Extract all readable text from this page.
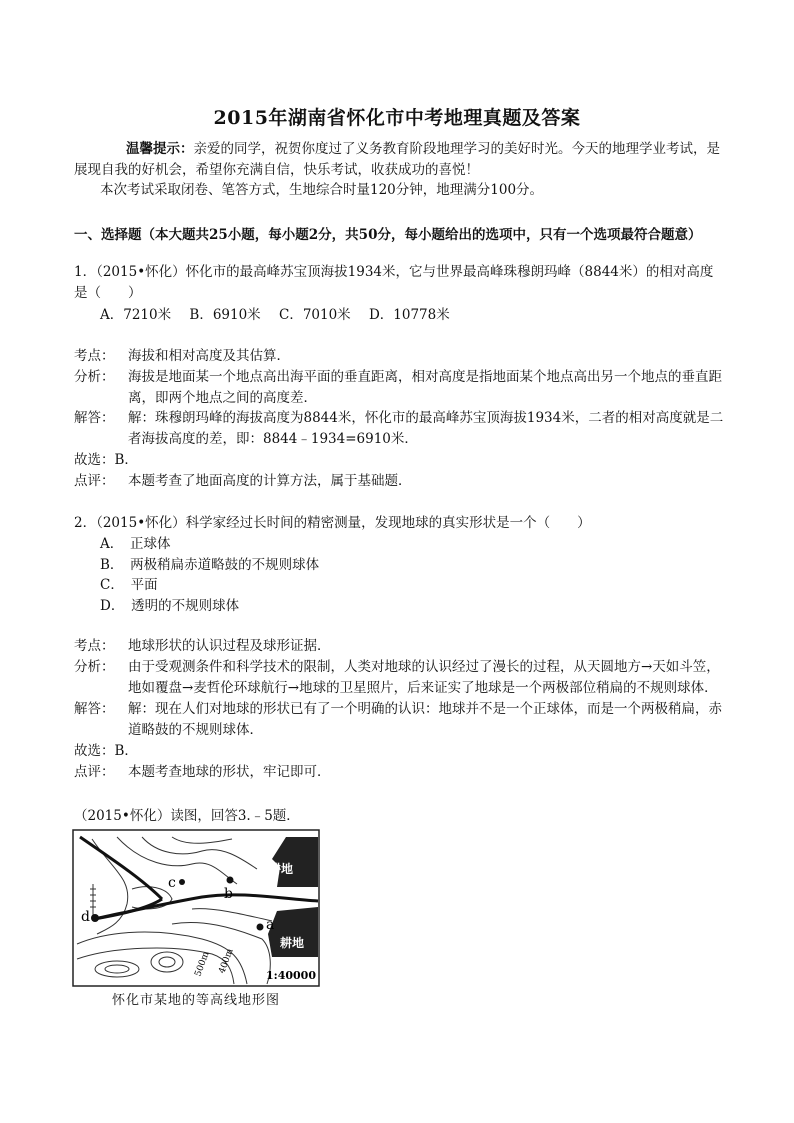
2015年湖南省怀化市中考地理真题及答案
温馨提示：亲爱的同学，祝贺你度过了义务教育阶段地理学习的美好时光。今天的地理学业考试，是展现自我的好机会，希望你充满自信，快乐考试，收获成功的喜悦！
本次考试采取闭卷、笔答方式，生地综合时量120分钟，地理满分100分。
一、选择题（本大题共25小题，每小题2分，共50分，每小题给出的选项中，只有一个选项最符合题意）
1．（2015•怀化）怀化市的最高峰苏宝顶海拔1934米，它与世界最高峰珠穆朗玛峰（8844米）的相对高度是（　　）
A．7210米 B．6910米 C．7010米 D．10778米
考点：	海拔和相对高度及其估算．
分析：	海拔是地面某一个地点高出海平面的垂直距离，相对高度是指地面某个地点高出另一个地点的垂直距离，即两个地点之间的高度差．
解答：	解：珠穆朗玛峰的海拔高度为8844米，怀化市的最高峰苏宝顶海拔1934米，二者的相对高度就是二者海拔高度的差，即：8844﹣1934=6910米．
故选：B．
点评：	本题考查了地面高度的计算方法，属于基础题．
2．（2015•怀化）科学家经过长时间的精密测量，发现地球的真实形状是一个（　　）
A．　正球体
B．　两极稍扁赤道略鼓的不规则球体
C．　平面
D．　透明的不规则球体
考点：	地球形状的认识过程及球形证据．
分析：	由于受观测条件和科学技术的限制，人类对地球的认识经过了漫长的过程，从天圆地方→天如斗笠，地如覆盘→麦哲伦环球航行→地球的卫星照片，后来证实了地球是一个两极部位稍扁的不规则球体．
解答：	解：现在人们对地球的形状已有了一个明确的认识：地球并不是一个正球体，而是一个两极稍扁，赤道略鼓的不规则球体．
故选：B．
点评：	本题考查地球的形状，牢记即可．
（2015•怀化）读图，回答3.﹣5题．
耕地
耕地
c
b
a
d
500m 400m
1:40000
怀化市某地的等高线地形图
